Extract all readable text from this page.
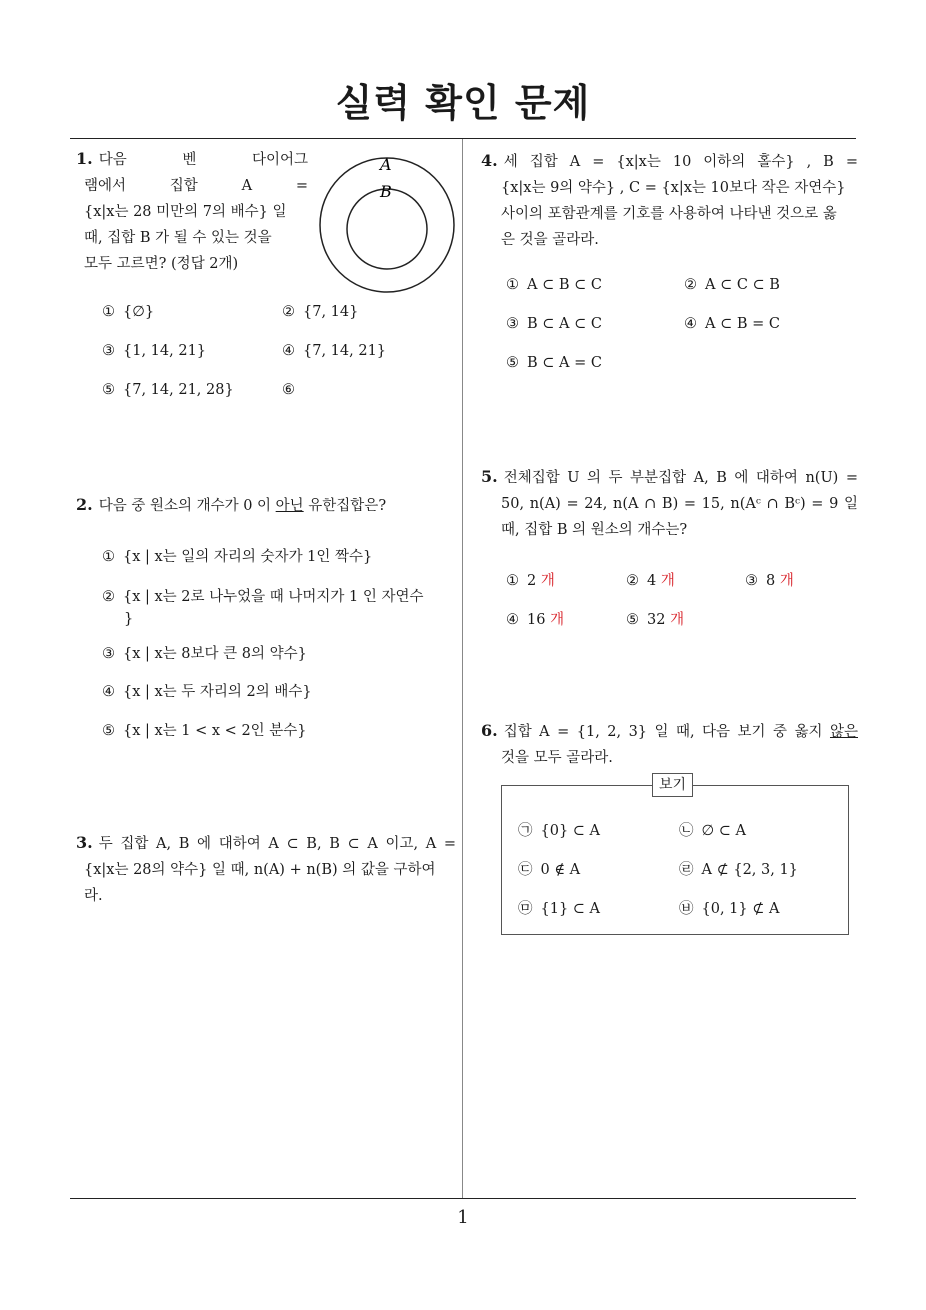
실력 확인 문제
1. 다음 벤 다이어그
램에서 집합 A =
{x|x는 28 미만의 7의 배수} 일
때, 집합 B 가 될 수 있는 것을
모두 고르면? (정답 2개)
A
B
① {∅}	② {7, 14}
③ {1, 14, 21}	④ {7, 14, 21}
⑤ {7, 14, 21, 28}	⑥
2. 다음 중 원소의 개수가 0 이 아닌 유한집합은?
① {x | x는 일의 자리의 숫자가 1인 짝수}
② {x | x는 2로 나누었을 때 나머지가 1 인 자연수
}
③ {x | x는 8보다 큰 8의 약수}
④ {x | x는 두 자리의 2의 배수}
⑤ {x | x는 1 < x < 2인 분수}
3. 두 집합 A, B 에 대하여 A ⊂ B, B ⊂ A 이고, A =
{x|x는 28의 약수} 일 때, n(A) + n(B) 의 값을 구하여
라.
4. 세 집합 A = {x|x는 10 이하의 홀수} , B =
{x|x는 9의 약수} , C = {x|x는 10보다 작은 자연수}
사이의 포함관계를 기호를 사용하여 나타낸 것으로 옳
은 것을 골라라.
① A ⊂ B ⊂ C	② A ⊂ C ⊂ B
③ B ⊂ A ⊂ C	④ A ⊂ B = C
⑤ B ⊂ A = C
5. 전체집합 U 의 두 부분집합 A, B 에 대하여 n(U) =
50, n(A) = 24, n(A ∩ B) = 15, n(Aᶜ ∩ Bᶜ) = 9 일
때, 집합 B 의 원소의 개수는?
① 2 개	② 4 개	③ 8 개
④ 16 개	⑤ 32 개
6. 집합 A = {1, 2, 3} 일 때, 다음 보기 중 옳지 않은
것을 모두 골라라.
보기
㉠ {0} ⊂ A	㉡ ∅ ⊂ A
㉢ 0 ∉ A	㉣ A ⊄ {2, 3, 1}
㉤ {1} ⊂ A	㉥ {0, 1} ⊄ A
1
